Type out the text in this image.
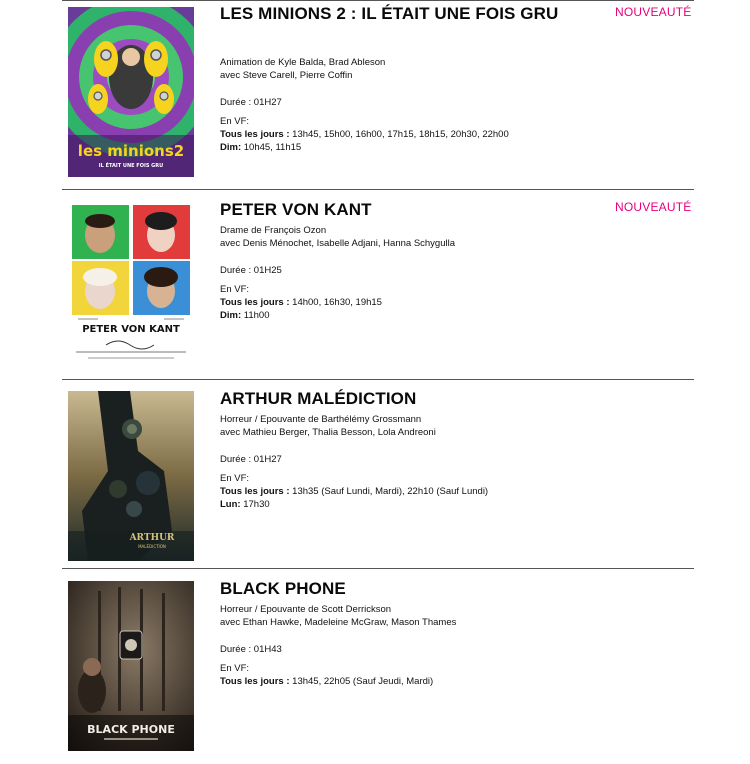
les minions2
IL ÉTAIT UNE FOIS GRU
LES MINIONS 2 : IL ÉTAIT UNE FOIS GRU
Animation de Kyle Balda, Brad Ableson
avec Steve Carell, Pierre Coffin
Durée : 01H27
En VF:
Tous les jours : 13h45, 15h00, 16h00, 17h15, 18h15, 20h30, 22h00
Dim: 10h45, 11h15
NOUVEAUTÉ
PETER VON KANT
PETER VON KANT
Drame de François Ozon
avec Denis Ménochet, Isabelle Adjani, Hanna Schygulla
Durée : 01H25
En VF:
Tous les jours : 14h00, 16h30, 19h15
Dim: 11h00
NOUVEAUTÉ
ARTHUR
MALÉDICTION
ARTHUR MALÉDICTION
Horreur / Epouvante de Barthélémy Grossmann
avec Mathieu Berger, Thalia Besson, Lola Andreoni
Durée : 01H27
En VF:
Tous les jours : 13h35 (Sauf Lundi, Mardi), 22h10 (Sauf Lundi)
Lun: 17h30
BLACK PHONE
BLACK PHONE
Horreur / Epouvante de Scott Derrickson
avec Ethan Hawke, Madeleine McGraw, Mason Thames
Durée : 01H43
En VF:
Tous les jours : 13h45, 22h05 (Sauf Jeudi, Mardi)
